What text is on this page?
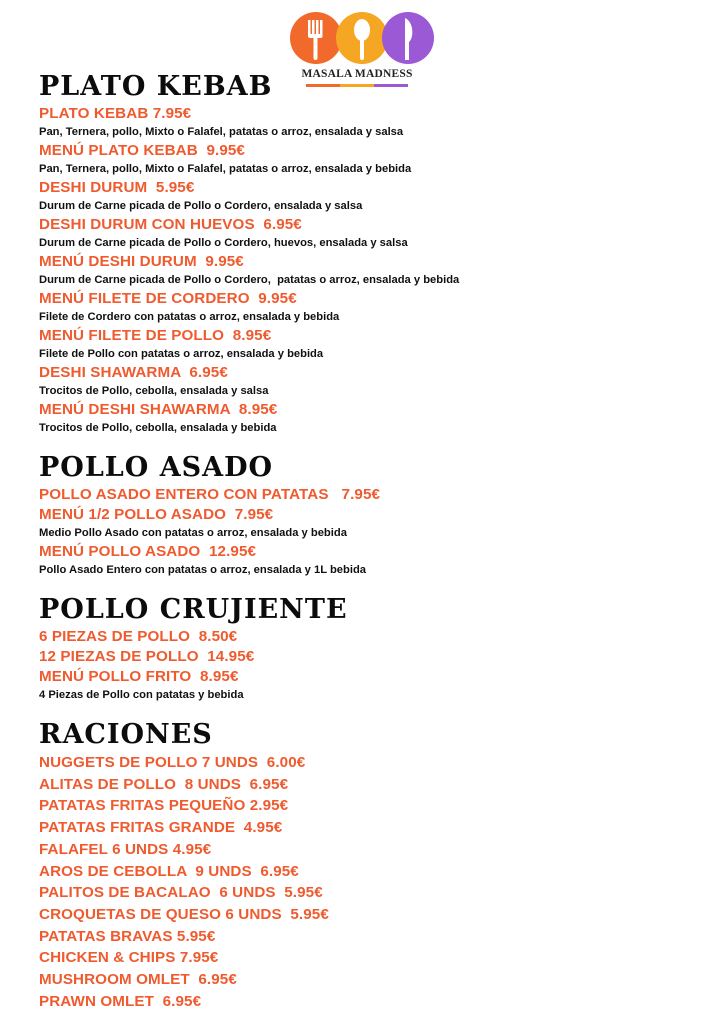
MASALA MADNESS
PLATO KEBAB
PLATO KEBAB 7.95€
Pan, Ternera, pollo, Mixto o Falafel, patatas o arroz, ensalada y salsa
MENÚ PLATO KEBAB  9.95€
Pan, Ternera, pollo, Mixto o Falafel, patatas o arroz, ensalada y bebida
DESHI DURUM  5.95€
Durum de Carne picada de Pollo o Cordero, ensalada y salsa
DESHI DURUM CON HUEVOS  6.95€
Durum de Carne picada de Pollo o Cordero, huevos, ensalada y salsa
MENÚ DESHI DURUM  9.95€
Durum de Carne picada de Pollo o Cordero,  patatas o arroz, ensalada y bebida
MENÚ FILETE DE CORDERO  9.95€
Filete de Cordero con patatas o arroz, ensalada y bebida
MENÚ FILETE DE POLLO  8.95€
Filete de Pollo con patatas o arroz, ensalada y bebida
DESHI SHAWARMA  6.95€
Trocitos de Pollo, cebolla, ensalada y salsa
MENÚ DESHI SHAWARMA  8.95€
Trocitos de Pollo, cebolla, ensalada y bebida
POLLO ASADO
POLLO ASADO ENTERO CON PATATAS   7.95€
MENÚ 1/2 POLLO ASADO  7.95€
Medio Pollo Asado con patatas o arroz, ensalada y bebida
MENÚ POLLO ASADO  12.95€
Pollo Asado Entero con patatas o arroz, ensalada y 1L bebida
POLLO CRUJIENTE
6 PIEZAS DE POLLO  8.50€
12 PIEZAS DE POLLO  14.95€
MENÚ POLLO FRITO  8.95€
4 Piezas de Pollo con patatas y bebida
RACIONES
NUGGETS DE POLLO 7 UNDS  6.00€
ALITAS DE POLLO  8 UNDS  6.95€
PATATAS FRITAS PEQUEÑO 2.95€
PATATAS FRITAS GRANDE  4.95€
FALAFEL 6 UNDS 4.95€
AROS DE CEBOLLA  9 UNDS  6.95€
PALITOS DE BACALAO  6 UNDS  5.95€
CROQUETAS DE QUESO 6 UNDS  5.95€
PATATAS BRAVAS 5.95€
CHICKEN & CHIPS 7.95€
MUSHROOM OMLET  6.95€
PRAWN OMLET  6.95€
